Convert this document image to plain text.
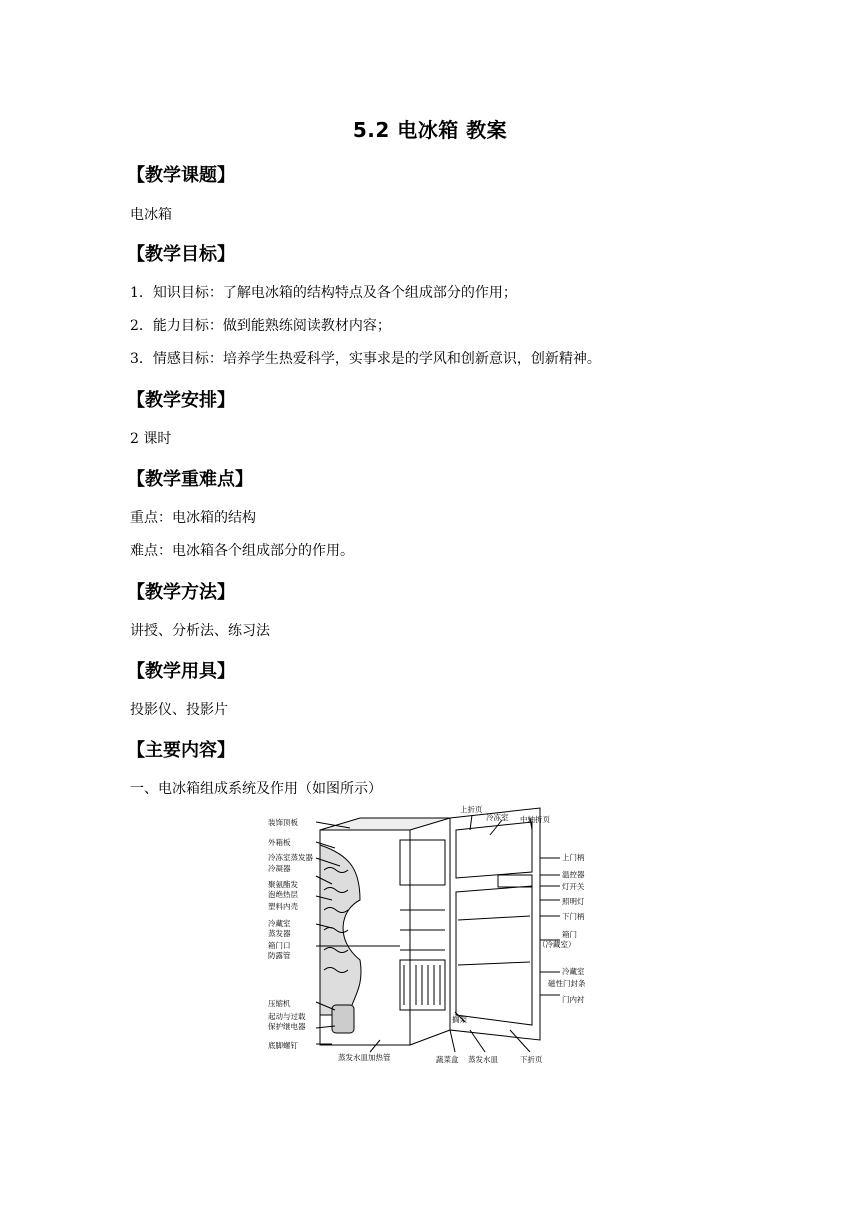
5.2 电冰箱 教案
【教学课题】
电冰箱
【教学目标】
1．知识目标：了解电冰箱的结构特点及各个组成部分的作用；
2．能力目标：做到能熟练阅读教材内容；
3．情感目标：培养学生热爱科学，实事求是的学风和创新意识，创新精神。
【教学安排】
2 课时
【教学重难点】
重点：电冰箱的结构
难点：电冰箱各个组成部分的作用。
【教学方法】
讲授、分析法、练习法
【教学用具】
投影仪、投影片
【主要内容】
一、电冰箱组成系统及作用（如图所示）
装饰顶板
外箱板
冷冻室蒸发器
冷凝器
聚氨酯发
泡绝热层
塑料内壳
冷藏室
蒸发器
箱门口
防露管
压缩机
起动与过载
保护继电器
底脚螺钉
上折页
冷冻室 中轴折页
上门柄
温控器
灯开关
照明灯
下门柄
箱门
（冷藏室）
冷藏室
磁性门封条
门内衬
蒸发水皿加热管
搁架
蔬菜盒 蒸发水皿	下折页
